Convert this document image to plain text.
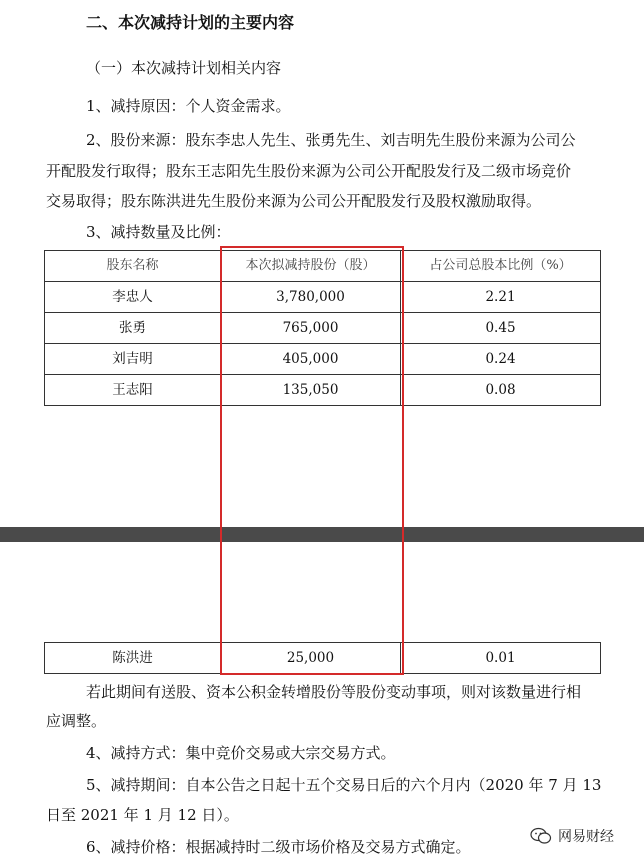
二、本次减持计划的主要内容

（一）本次减持计划相关内容

1、减持原因：个人资金需求。

2、股份来源：股东李忠人先生、张勇先生、刘吉明先生股份来源为公司公

开配股发行取得；股东王志阳先生股份来源为公司公开配股发行及二级市场竞价

交易取得；股东陈洪进先生股份来源为公司公开配股发行及股权激励取得。

3、减持数量及比例：

股东名称	本次拟减持股份（股）	占公司总股本比例（%）
李忠人	3,780,000	2.21
张勇	765,000	0.45
刘吉明	405,000	0.24
王志阳	135,050	0.08
陈洪进	25,000	0.01

若此期间有送股、资本公积金转增股份等股份变动事项，则对该数量进行相

应调整。

4、减持方式：集中竞价交易或大宗交易方式。

5、减持期间：自本公告之日起十五个交易日后的六个月内（2020 年 7 月 13

日至 2021 年 1 月 12 日）。

6、减持价格：根据减持时二级市场价格及交易方式确定。

网易财经
